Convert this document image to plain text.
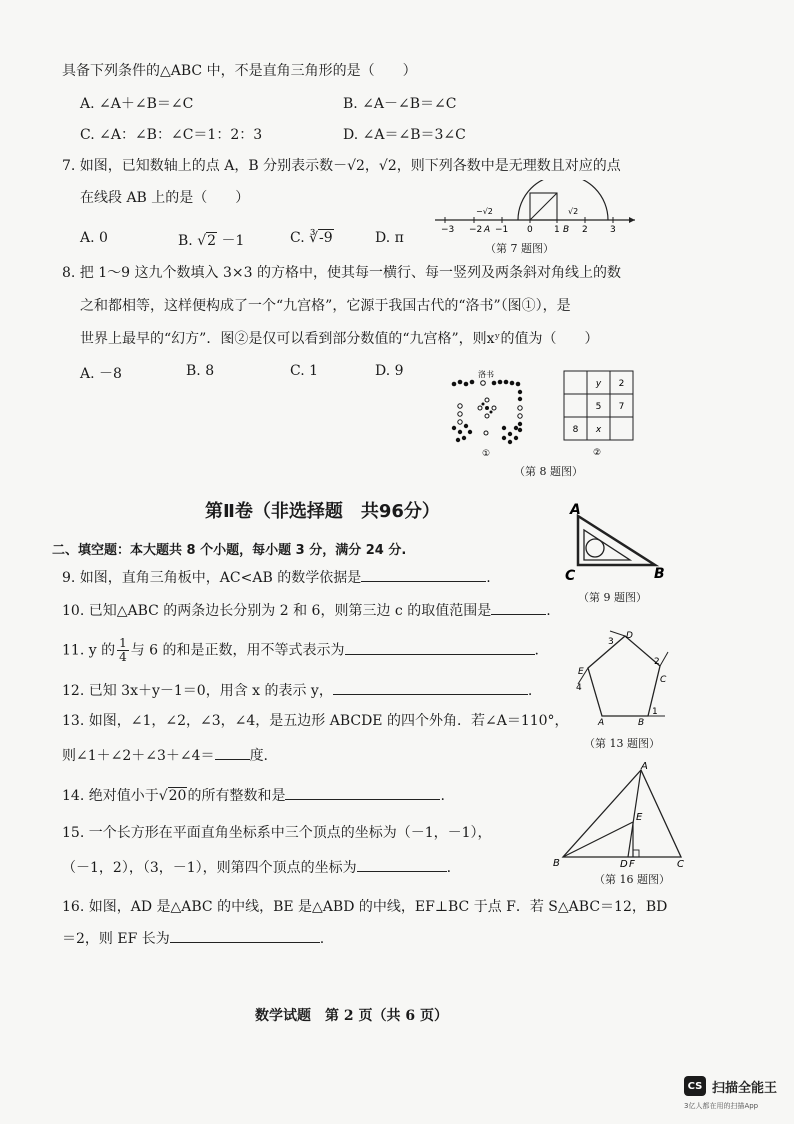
具备下列条件的△ABC 中，不是直角三角形的是（　　）
A. ∠A＋∠B＝∠C	B. ∠A－∠B＝∠C
C. ∠A：∠B：∠C＝1：2：3	D. ∠A＝∠B＝3∠C
7. 如图，已知数轴上的点 A，B 分别表示数－√2，√2，则下列各数中是无理数且对应的点
在线段 AB 上的是（　　）
A. 0	B. √2 －1	C. ∛-9	D. π	−3 −2 A −1 0 1 B 2 3
−√2	√2
（第 7 题图）
8. 把 1～9 这九个数填入 3×3 的方格中，使其每一横行、每一竖列及两条斜对角线上的数
之和都相等，这样便构成了一个“九宫格”，它源于我国古代的“洛书”（图①），是
世界上最早的“幻方”．图②是仅可以看到部分数值的“九宫格”，则xʸ的值为（　　）
A. －8	B. 8	C. 1	D. 9	洛书
①
y 2
5 7
8 x
②
（第 8 题图）
第Ⅱ卷（非选择题　共96分）
二、填空题：本大题共 8 个小题，每小题 3 分，满分 24 分.
A
C	B
（第 9 题图）
9. 如图，直角三角板中，AC<AB 的数学依据是	.
10. 已知△ABC 的两条边长分别为 2 和 6，则第三边 c 的取值范围是	.
11. y 的 $\frac{1}{4}$ 与 6 的和是正数，用不等式表示为	.
12. 已知 3x＋y－1＝0，用含 x 的表示 y，	.
A	B
C
D
E
1
2
3
4
（第 13 题图）
13. 如图，∠1，∠2，∠3，∠4，是五边形 ABCDE 的四个外角．若∠A＝110°，
则∠1＋∠2＋∠3＋∠4＝	度.
14. 绝对值小于√20的所有整数和是	.
A
E
B	D F	C
（第 16 题图）
15. 一个长方形在平面直角坐标系中三个顶点的坐标为（－1，－1），
（－1，2），（3，－1），则第四个顶点的坐标为	.
16. 如图，AD 是△ABC 的中线，BE 是△ABD 的中线，EF⊥BC 于点 F．若 S△ABC＝12，BD
＝2，则 EF 长为	.
数学试题　第 2 页（共 6 页）
CS 扫描全能王
3亿人都在用的扫描App
